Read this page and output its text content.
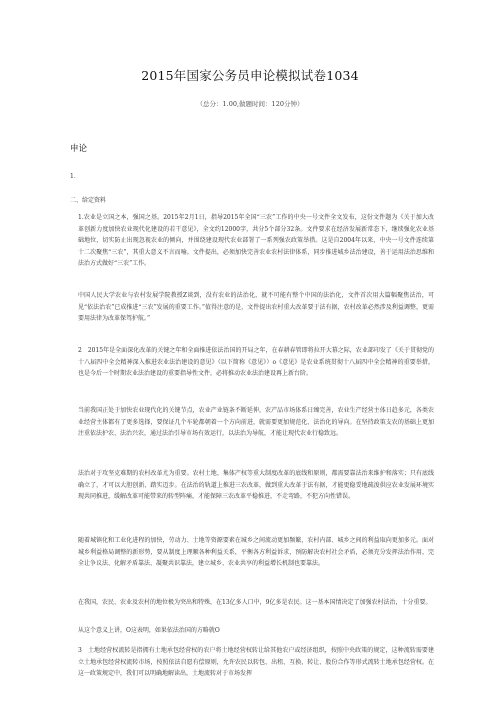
2015年国家公务员申论模拟试卷1034
（总分：1.00,做题时间：120分钟）
申论
1．
二、给定资料
1.农业是立国之本，强国之基。2015年2月1日，指导2015年全国“三农”工作的中央一号文件全文发布，这份文件题为《关于加大改革创新力度加快农业现代化建设的若干意见》，全文约12000字，共分5个部分32条。文件要求在经济发展新常态下，继续强化农业基础地位，切实防止出现忽视农业的倾向，并围绕建设现代农业部署了一系列强农政策举措。这是自2004年以来，中央一号文件连续第十二次聚焦“三农”，其重大意义不言而喻。文件提出，必须加快完善农业农村法律体系，同步推进城乡法治建设，善于运用法治思维和法治方式做好“三农”工作。
中国人民大学农业与农村发展学院教授Z谈到，没有农业的法治化，就不可能有整个中国的法治化，文件首次用大篇幅聚焦法治，可见“依法治农”已成推进“三农”发展的重要工作。”值得注意的是，文件提出农村重大改革要于法有据，农村改革必然涉及利益调整，更需要用法律为改革保驾护航。”
2　2015年是全面深化改革的关键之年和全面推进依法治国的开局之年，在春耕春管即将拉开大幕之际，农业部印发了《关于贯彻党的十八届四中全会精神深入推进农业法治建设的意见》（以下简称《意见》）o《意见》是农业系统贯彻十八届四中全会精神的重要举措，也是今后一个时期农业法治建设的重要指导性文件，必将推动农业法治建设再上新台阶。
当前我国正处于加快农业现代化的关键节点，农业产业链条不断延伸，农产品市场体系日臻完善，农业生产经营主体日趋多元，各类农业经营主体都有了更多选择，要保证几个车轮都朝着一个方向前进，就需要更加规范化、法治化的导向。在坚持政策支农的基础上更加注重依法护农、法治兴农，通过法治引导市场有效运行，以法治为导航，才能让现代农业行稳致远。
法治对于攻坚克难期的农村改革尤为重要。农村土地、集体产权等重大制度改革的底线和原则，都需要靠法治来维护和落实；只有底线确立了，才可以大胆创新、踏实迈步。在法治的轨道上推进三农改革，做到重大改革于法有据，才能更稳妥地疏浚供应农业发展环境实现共同推进，缓解改革可能带来的转型阵痛，才能保障三农改革平稳推进，不走弯路，不犯方向性错误。
随着城镇化和工业化进程的加快，劳动力、土地等资源要素在城乡之间流动更加频繁，农村内部、城乡之间的利益取向更加多元。面对城乡利益格局调整的新形势，要从制度上理顺各种利益关系，平衡各方利益诉求，预防解决农村社会矛盾，必须充分发挥法治作用，完全让争议法、化解矛盾靠法、凝聚共识靠法，建立城乡、农业共享的利益增长机制也要靠法。
在我国，农民、农业及农村的地位极为突出和特殊，在13亿多人口中，9亿多是农民。这一基本国情决定了加强农村法治，十分重要。
从这个意义上讲，O这表明，如果依法治国的方略就O
3　土地经营权流转是指拥有土地承包经营权的农户将土地经营权转让给其他农户或经济组织，按照中央政策的规定，这种流转需要建立土地承包经营权流转市场，按照依法自愿有偿原则，允许农民以转包、出租、互换、转让、股份合作等形式流转土地承包经营权。在这一政策规定中，我们可以明确地解读出，土地流转对于市场发挥
